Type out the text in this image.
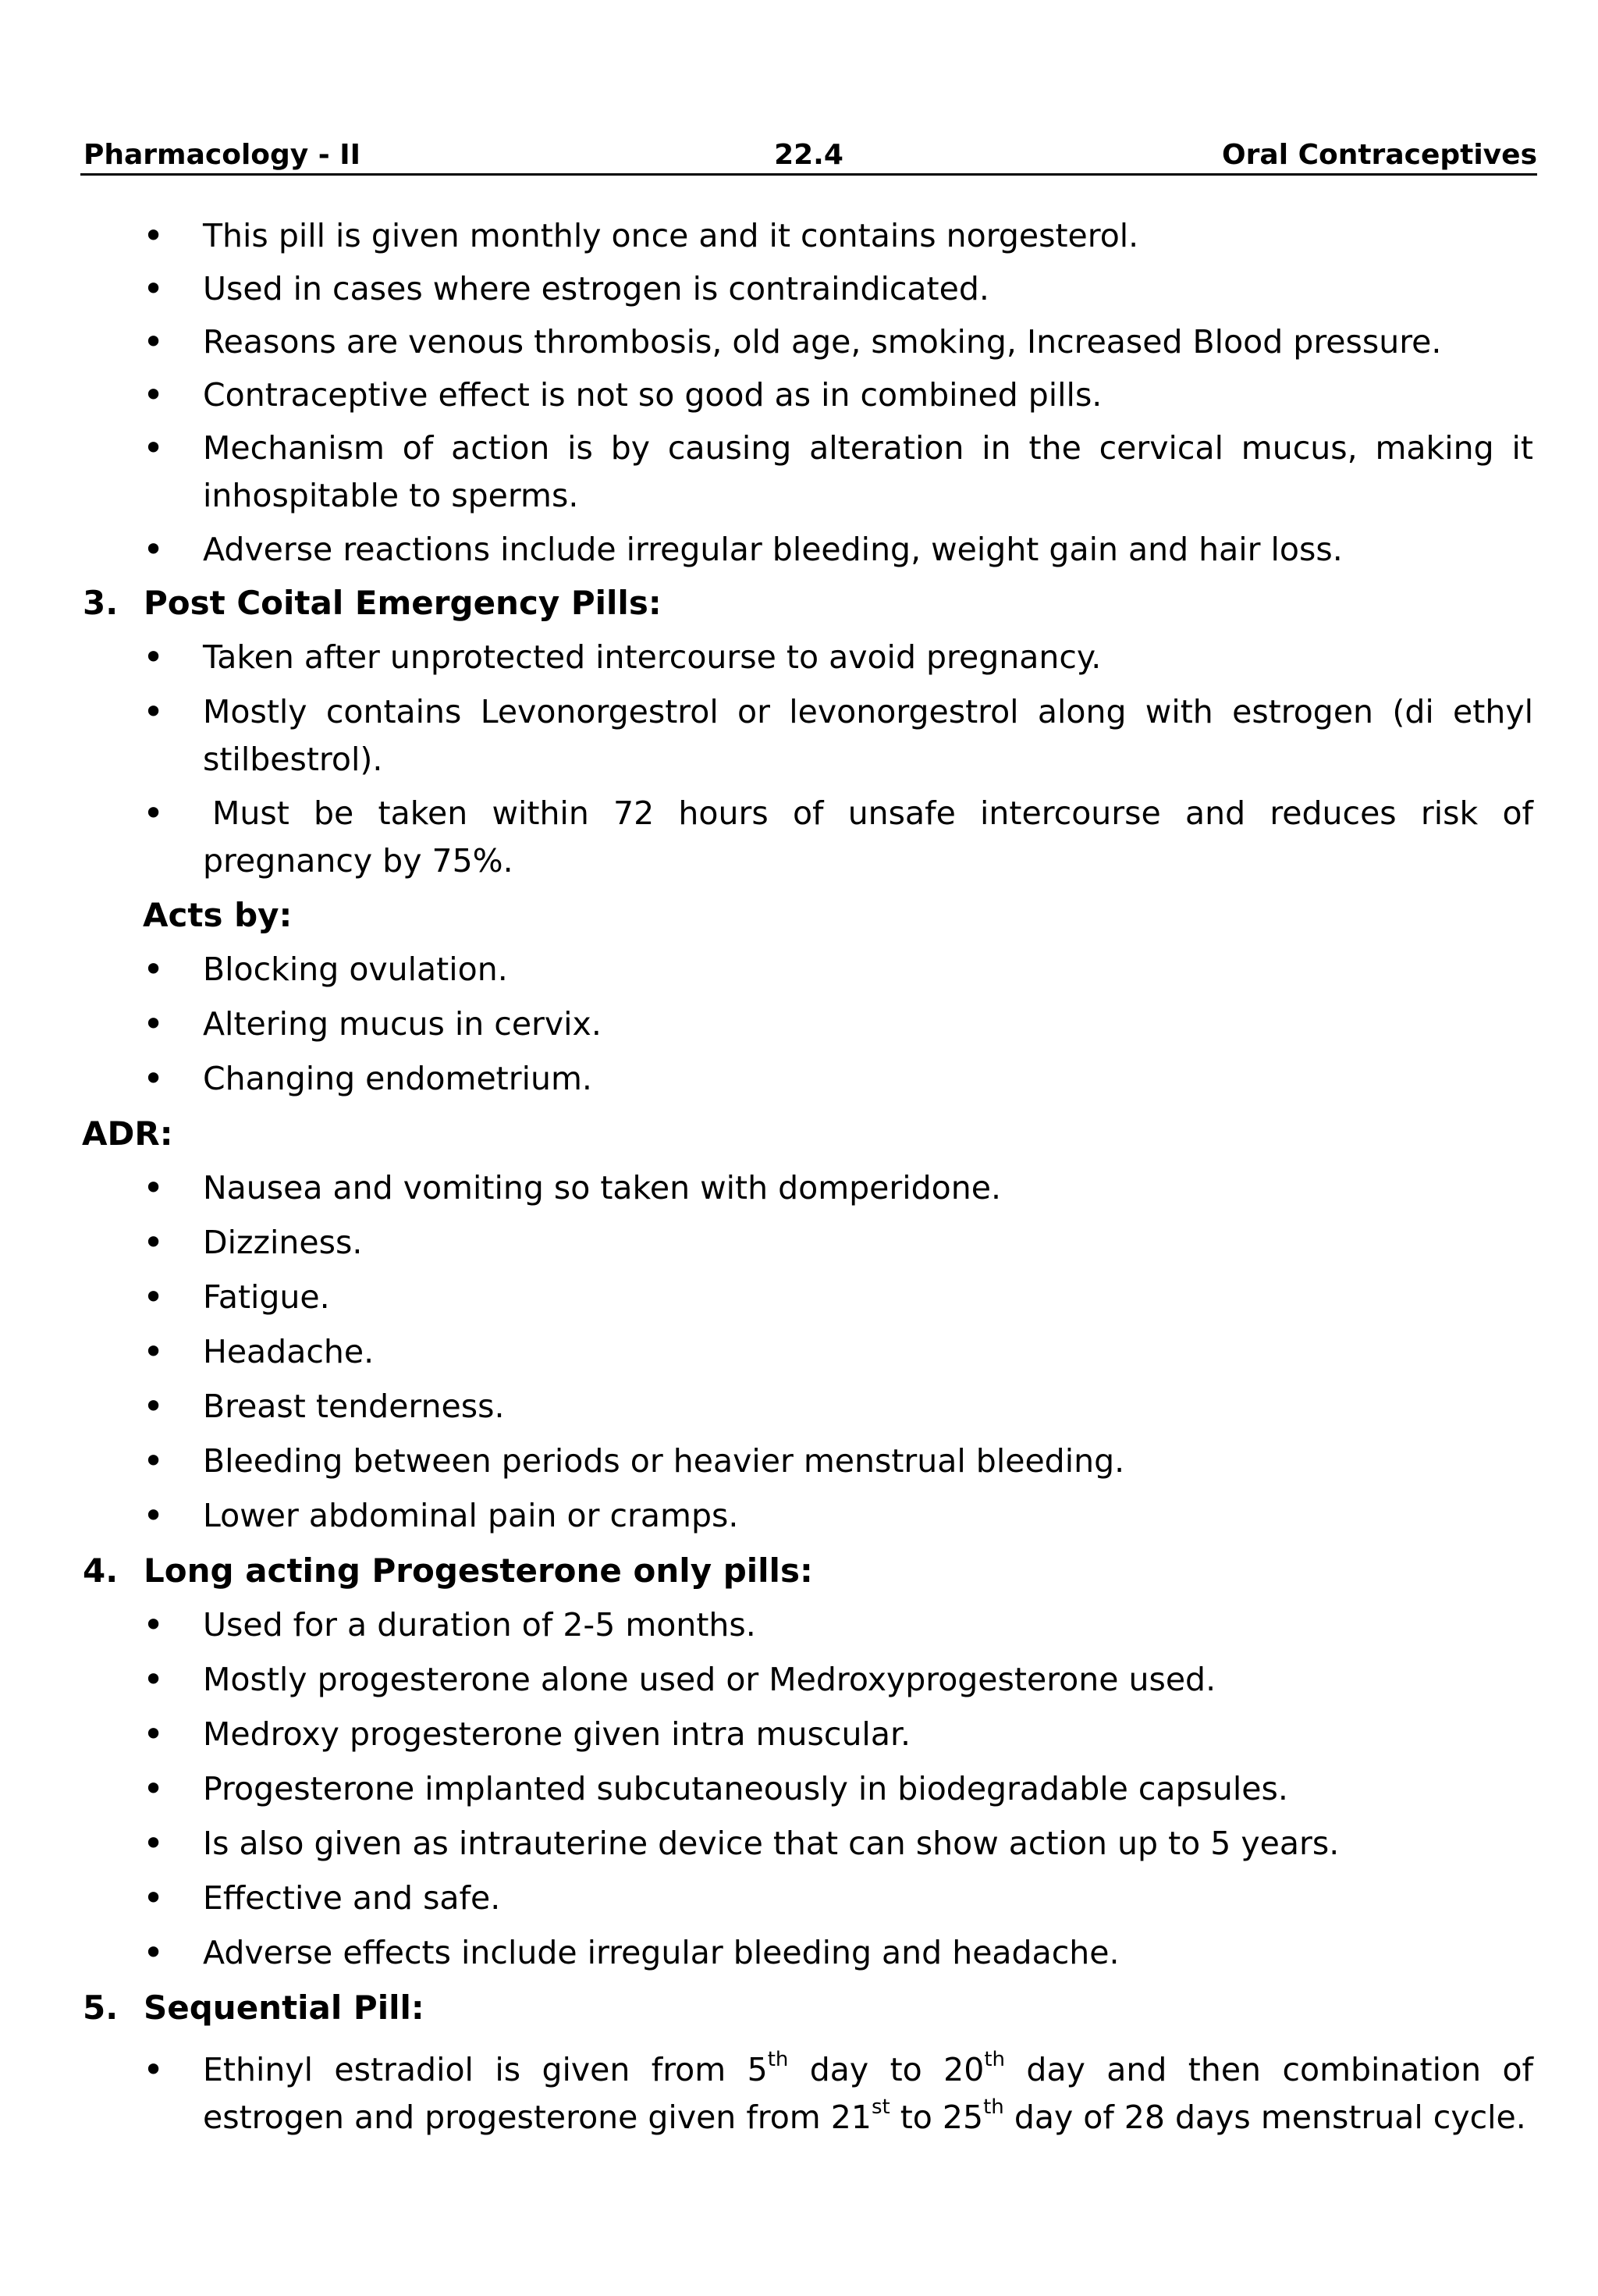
Pharmacology - II	22.4	Oral Contraceptives
•
This pill is given monthly once and it contains norgesterol.
•
Used in cases where estrogen is contraindicated.
•
Reasons are venous thrombosis, old age, smoking, Increased Blood pressure.
•
Contraceptive effect is not so good as in combined pills.
•
Mechanism of action is by causing alteration in the cervical mucus, making it inhospitable to sperms.
•
Adverse reactions include irregular bleeding, weight gain and hair loss.
3. Post Coital Emergency Pills:
•
Taken after unprotected intercourse to avoid pregnancy.
•
Mostly contains Levonorgestrol or levonorgestrol along with estrogen (di ethyl stilbestrol).
•
Must be taken within 72 hours of unsafe intercourse and reduces risk of pregnancy by 75%.
Acts by:
•
Blocking ovulation.
•
Altering mucus in cervix.
•
Changing endometrium.
ADR:
•
Nausea and vomiting so taken with domperidone.
•
Dizziness.
•
Fatigue.
•
Headache.
•
Breast tenderness.
•
Bleeding between periods or heavier menstrual bleeding.
•
Lower abdominal pain or cramps.
4. Long acting Progesterone only pills:
•
Used for a duration of 2-5 months.
•
Mostly progesterone alone used or Medroxyprogesterone used.
•
Medroxy progesterone given intra muscular.
•
Progesterone implanted subcutaneously in biodegradable capsules.
•
Is also given as intrauterine device that can show action up to 5 years.
•
Effective and safe.
•
Adverse effects include irregular bleeding and headache.
5. Sequential Pill:
•
Ethinyl estradiol is given from 5th day to 20th day and then combination of estrogen and progesterone given from 21st to 25th day of 28 days menstrual cycle.
